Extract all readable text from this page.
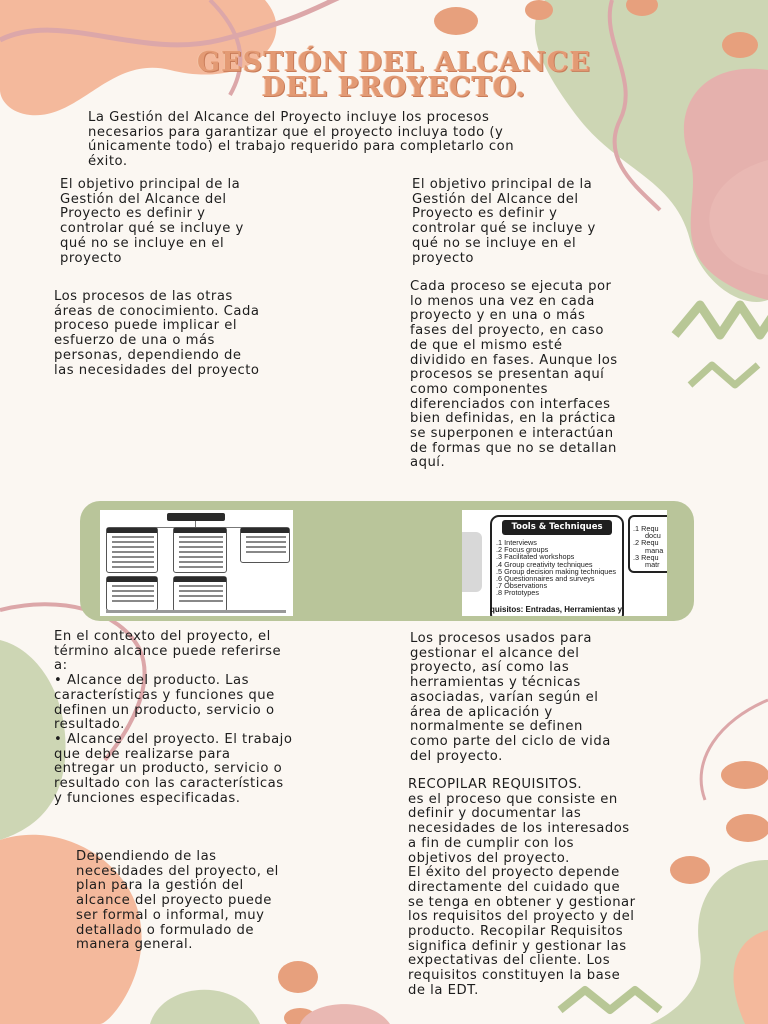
GESTIÓN DEL ALCANCE
DEL PROYECTO.

La Gestión del Alcance del Proyecto incluye los procesos
necesarios para garantizar que el proyecto incluya todo (y
únicamente todo) el trabajo requerido para completarlo con
éxito.

El objetivo principal de la
Gestión del Alcance del
Proyecto es definir y
controlar qué se incluye y
qué no se incluye en el
proyecto

El objetivo principal de la
Gestión del Alcance del
Proyecto es definir y
controlar qué se incluye y
qué no se incluye en el
proyecto

Los procesos de las otras
áreas de conocimiento. Cada
proceso puede implicar el
esfuerzo de una o más
personas, dependiendo de
las necesidades del proyecto

Cada proceso se ejecuta por
lo menos una vez en cada
proyecto y en una o más
fases del proyecto, en caso
de que el mismo esté
dividido en fases. Aunque los
procesos se presentan aquí
como componentes
diferenciados con interfaces
bien definidas, en la práctica
se superponen e interactúan
de formas que no se detallan
aquí.

Tools & Techniques
.1 Interviews
.2 Focus groups
.3 Facilitated workshops
.4 Group creativity techniques
.5 Group decision making techniques
.6 Questionnaires and surveys
.7 Observations
.8 Prototypes
.1 Requ docu
.2 Requ mana
.3 Requ matr
quisitos: Entradas, Herramientas y

En el contexto del proyecto, el
término alcance puede referirse
a:
• Alcance del producto. Las
características y funciones que
definen un producto, servicio o
resultado.
• Alcance del proyecto. El trabajo
que debe realizarse para
entregar un producto, servicio o
resultado con las características
y funciones especificadas.

Los procesos usados para
gestionar el alcance del
proyecto, así como las
herramientas y técnicas
asociadas, varían según el
área de aplicación y
normalmente se definen
como parte del ciclo de vida
del proyecto.

RECOPILAR REQUISITOS.
es el proceso que consiste en
definir y documentar las
necesidades de los interesados
a fin de cumplir con los
objetivos del proyecto.
El éxito del proyecto depende
directamente del cuidado que
se tenga en obtener y gestionar
los requisitos del proyecto y del
producto. Recopilar Requisitos
significa definir y gestionar las
expectativas del cliente. Los
requisitos constituyen la base
de la EDT.

Dependiendo de las
necesidades del proyecto, el
plan para la gestión del
alcance del proyecto puede
ser formal o informal, muy
detallado o formulado de
manera general.
